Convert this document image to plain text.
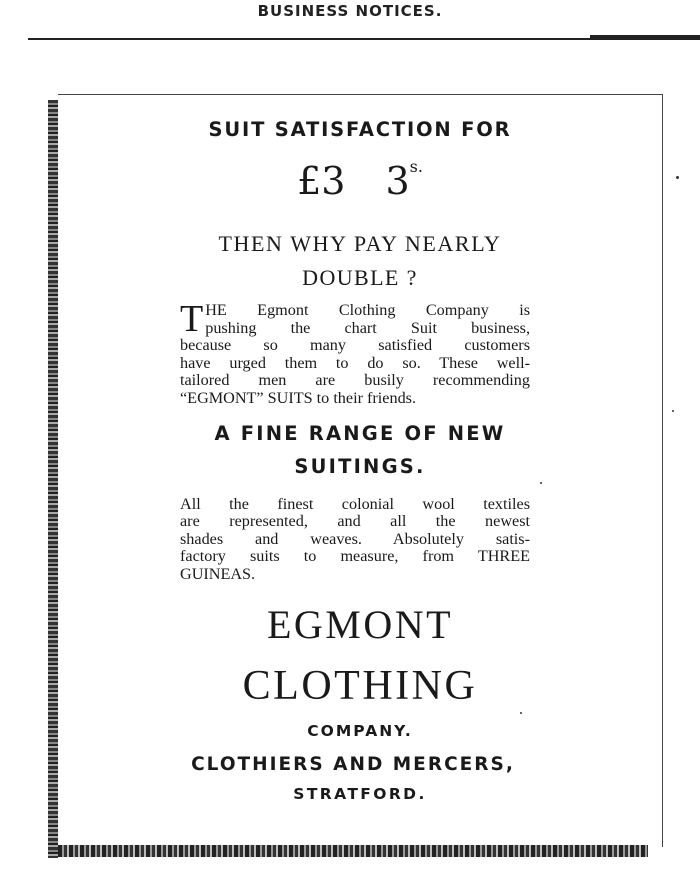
BUSINESS NOTICES.
SUIT SATISFACTION FOR
£3 $3^{s.}$
THEN WHY PAY NEARLY
DOUBLE ?
T HE Egmont Clothing Company is
pushing the chart Suit business,
because so many satisfied customers
have urged them to do so. These well-
tailored men are busily recommending
“EGMONT” SUITS to their friends.
A FINE RANGE OF NEW
SUITINGS.
All the finest colonial wool textiles
are represented, and all the newest
shades and weaves. Absolutely satis-
factory suits to measure, from THREE
GUINEAS.
EGMONT
CLOTHING
COMPANY.
CLOTHIERS AND MERCERS,
STRATFORD.
